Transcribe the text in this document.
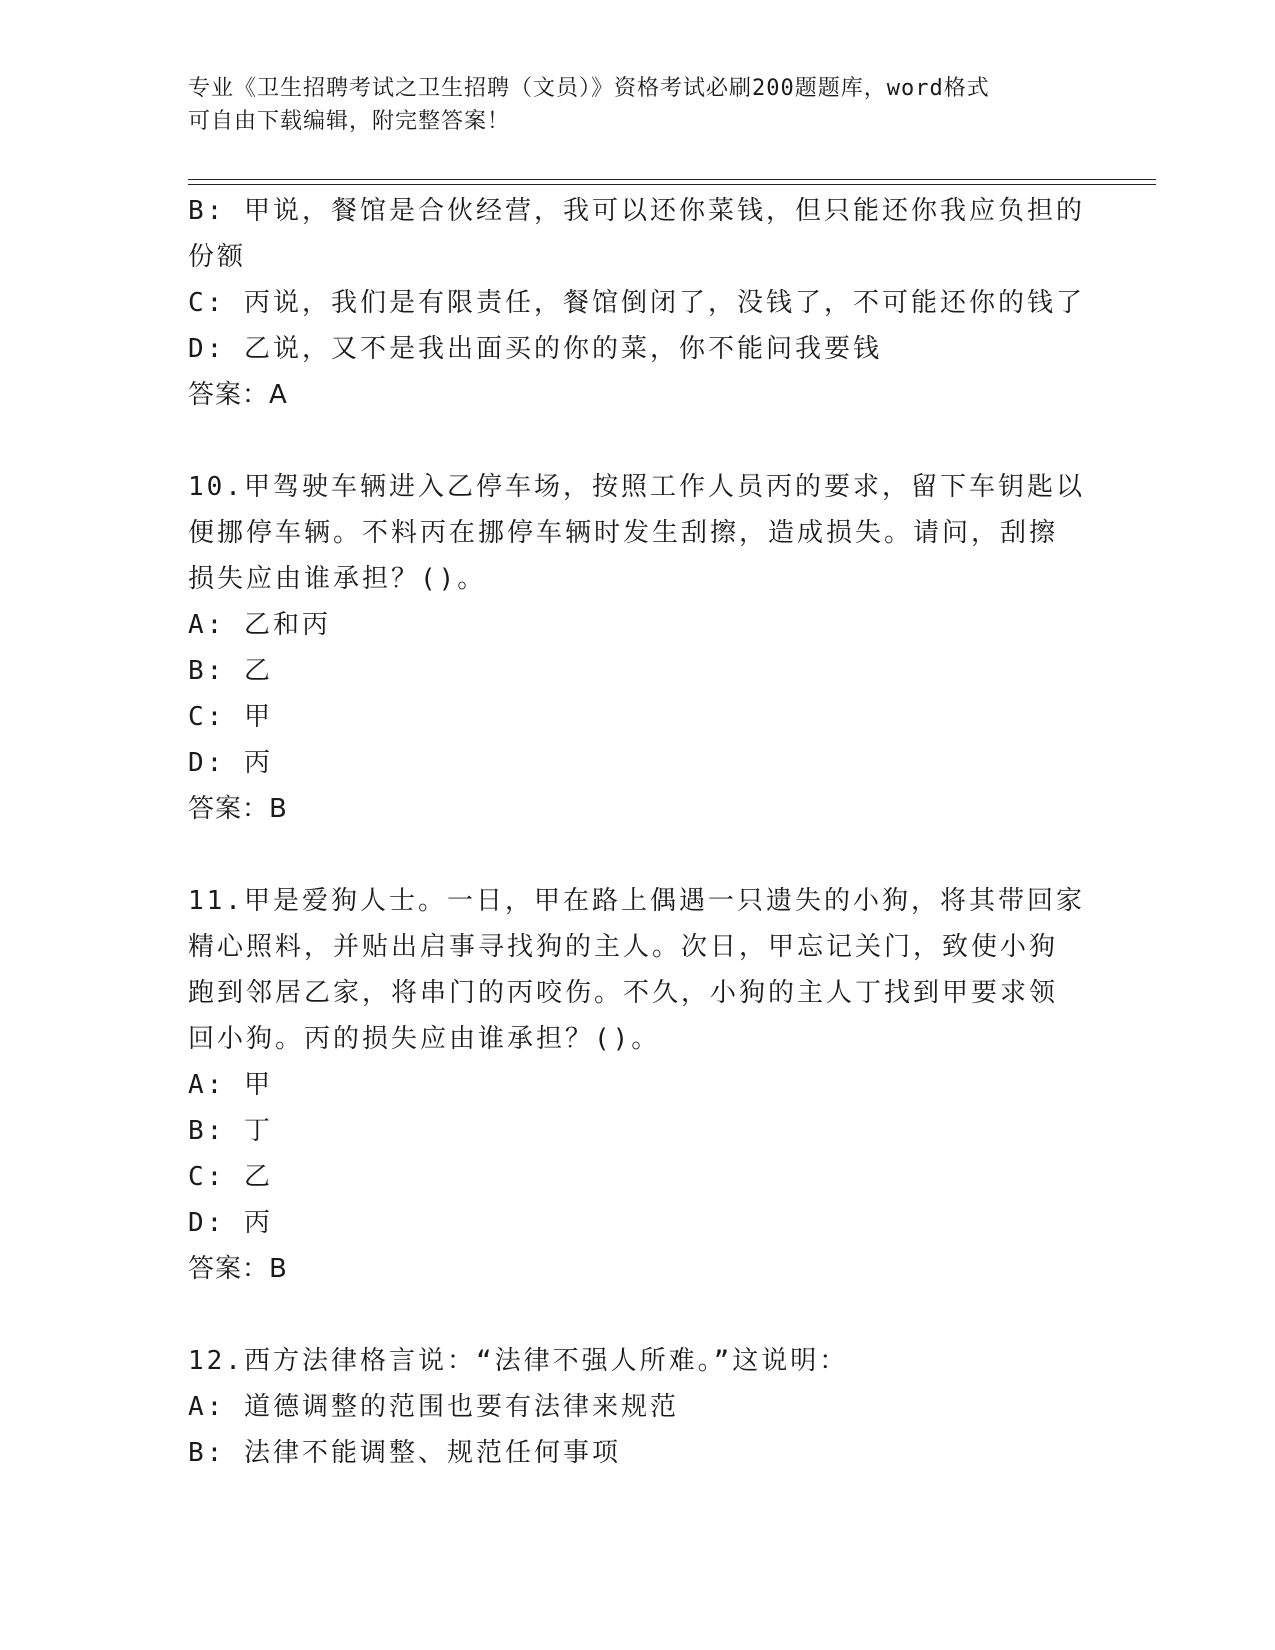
专业《卫生招聘考试之卫生招聘（文员）》资格考试必刷200题题库，word格式
可自由下载编辑，附完整答案！
B: 甲说，餐馆是合伙经营，我可以还你菜钱，但只能还你我应负担的
份额
C: 丙说，我们是有限责任，餐馆倒闭了，没钱了，不可能还你的钱了
D: 乙说，又不是我出面买的你的菜，你不能问我要钱
答案：A
10.甲驾驶车辆进入乙停车场，按照工作人员丙的要求，留下车钥匙以
便挪停车辆。不料丙在挪停车辆时发生刮擦，造成损失。请问，刮擦
损失应由谁承担？()。
A: 乙和丙
B: 乙
C: 甲
D: 丙
答案：B
11.甲是爱狗人士。一日，甲在路上偶遇一只遗失的小狗，将其带回家
精心照料，并贴出启事寻找狗的主人。次日，甲忘记关门，致使小狗
跑到邻居乙家，将串门的丙咬伤。不久，小狗的主人丁找到甲要求领
回小狗。丙的损失应由谁承担？()。
A: 甲
B: 丁
C: 乙
D: 丙
答案：B
12.西方法律格言说：“法律不强人所难。”这说明：
A: 道德调整的范围也要有法律来规范
B: 法律不能调整、规范任何事项
